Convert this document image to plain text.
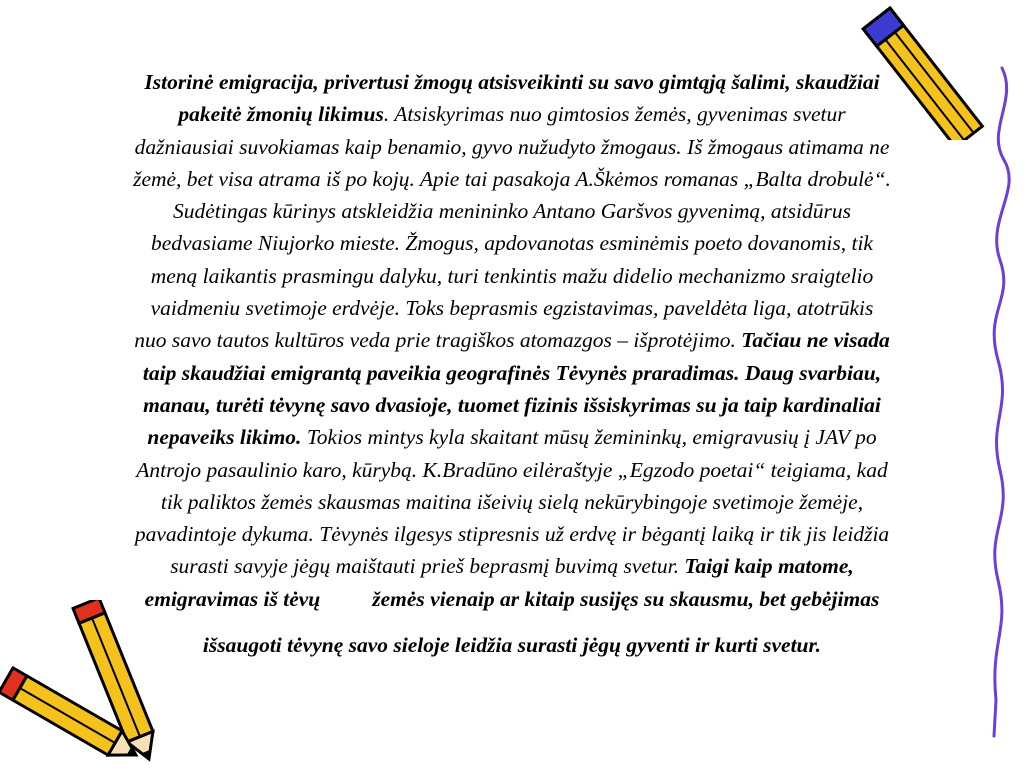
Istorinė emigracija, privertusi žmogų atsisveikinti su savo gimtąją šalimi, skaudžiai
pakeitė žmonių likimus. Atsiskyrimas nuo gimtosios žemės, gyvenimas svetur
dažniausiai suvokiamas kaip benamio, gyvo nužudyto žmogaus. Iš žmogaus atimama ne
žemė, bet visa atrama iš po kojų. Apie tai pasakoja A.Škėmos romanas „Balta drobulė“.
Sudėtingas kūrinys atskleidžia menininko Antano Garšvos gyvenimą, atsidūrus
bedvasiame Niujorko mieste. Žmogus, apdovanotas esminėmis poeto dovanomis, tik
meną laikantis prasmingu dalyku, turi tenkintis mažu didelio mechanizmo sraigtelio
vaidmeniu svetimoje erdvėje. Toks beprasmis egzistavimas, paveldėta liga, atotrūkis
nuo savo tautos kultūros veda prie tragiškos atomazgos – išprotėjimo. Tačiau ne visada
taip skaudžiai emigrantą paveikia geografinės Tėvynės praradimas. Daug svarbiau,
manau, turėti tėvynę savo dvasioje, tuomet fizinis išsiskyrimas su ja taip kardinaliai
nepaveiks likimo. Tokios mintys kyla skaitant mūsų žemininkų, emigravusių į JAV po
Antrojo pasaulinio karo, kūrybą. K.Bradūno eilėraštyje „Egzodo poetai“ teigiama, kad
tik paliktos žemės skausmas maitina išeivių sielą nekūrybingoje svetimoje žemėje,
pavadintoje dykuma. Tėvynės ilgesys stipresnis už erdvę ir bėgantį laiką ir tik jis leidžia
surasti savyje jėgų maištauti prieš beprasmį buvimą svetur. Taigi kaip matome,
emigravimas iš tėvų žemės vienaip ar kitaip susijęs su skausmu, bet gebėjimas
išsaugoti tėvynę savo sieloje leidžia surasti jėgų gyventi ir kurti svetur.
